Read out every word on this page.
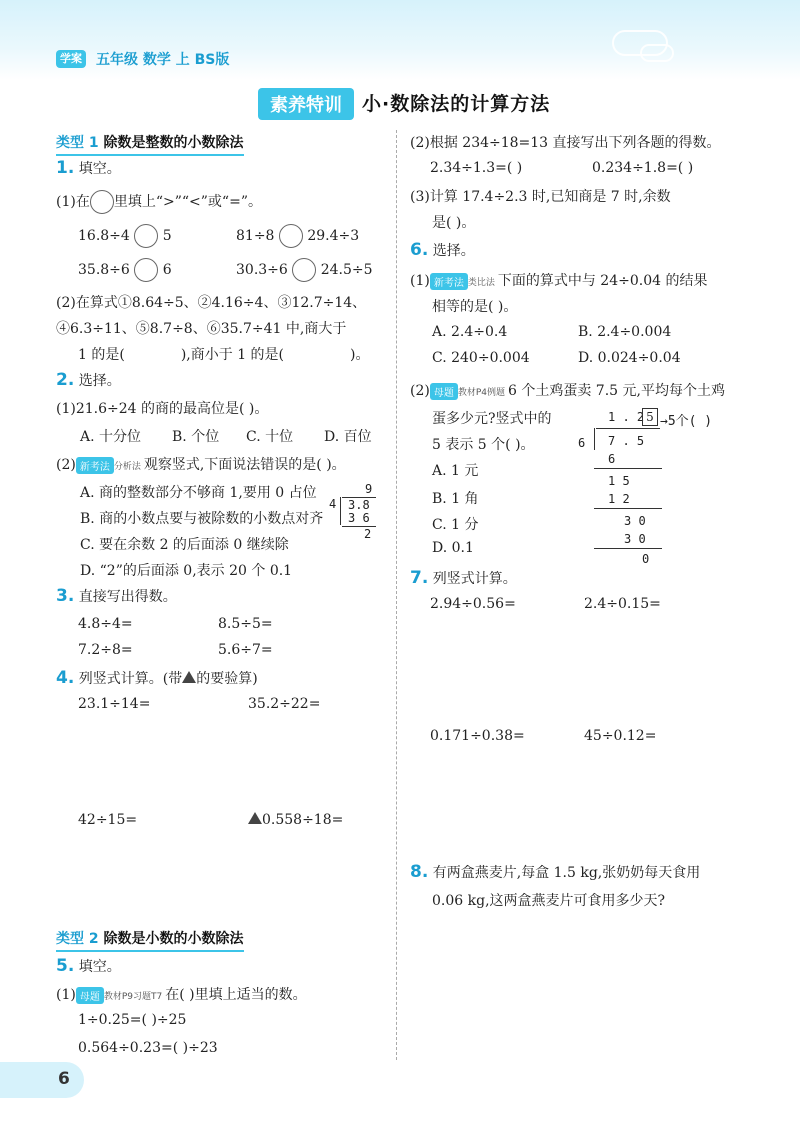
学案 五年级 数学 上 BS版
素养特训	小·数除法的计算方法
类型 1 除数是整数的小数除法
1. 填空。
(1)在 里填上“>”“<”或“=”。
16.8÷4 5	81÷8 29.4÷3
35.8÷6 6	30.3÷6 24.5÷5
(2)在算式①8.64÷5、②4.16÷4、③12.7÷14、
④6.3÷11、⑤8.7÷8、⑥35.7÷41 中,商大于
1 的是(	),商小于 1 的是(	)。
2. 选择。
(1)21.6÷24 的商的最高位是( )。
A. 十分位 B. 个位 C. 十位 D. 百位
(2) 新考法 分析法 观察竖式,下面说法错误的是( )。
A. 商的整数部分不够商 1,要用 0 占位
B. 商的小数点要与被除数的小数点对齐
C. 要在余数 2 的后面添 0 继续除
D. “2”的后面添 0,表示 20 个 0.1
9
4 3.8
3 6
2
3. 直接写出得数。
4.8÷4=	8.5÷5=
7.2÷8=	5.6÷7=
4. 列竖式计算。(带 的要验算)
23.1÷14=	35.2÷22=
42÷15=	0.558÷18=
类型 2 除数是小数的小数除法
5. 填空。
(1) 母题 教材P9习题T7 在( )里填上适当的数。
1÷0.25=( )÷25
0.564÷0.23=( )÷23
(2)根据 234÷18=13 直接写出下列各题的得数。
2.34÷1.3=( )	0.234÷1.8=( )
(3)计算 17.4÷2.3 时,已知商是 7 时,余数
是( )。
6. 选择。
(1) 新考法 类比法 下面的算式中与 24÷0.04 的结果
相等的是( )。
A. 2.4÷0.4	B. 2.4÷0.004
C. 240÷0.004	D. 0.024÷0.04
(2) 母题 教材P4例题 6 个土鸡蛋卖 7.5 元,平均每个土鸡
蛋多少元?竖式中的
5 表示 5 个( )。
A. 1 元
B. 1 角
C. 1 分
D. 0.1
1 . 2 5 →5个( )
6 7 . 5
6
1 5
1 2
3 0
3 0
0
7. 列竖式计算。
2.94÷0.56=	2.4÷0.15=
0.171÷0.38=	45÷0.12=
8. 有两盒燕麦片,每盒 1.5 kg,张奶奶每天食用
0.06 kg,这两盒燕麦片可食用多少天?
6
